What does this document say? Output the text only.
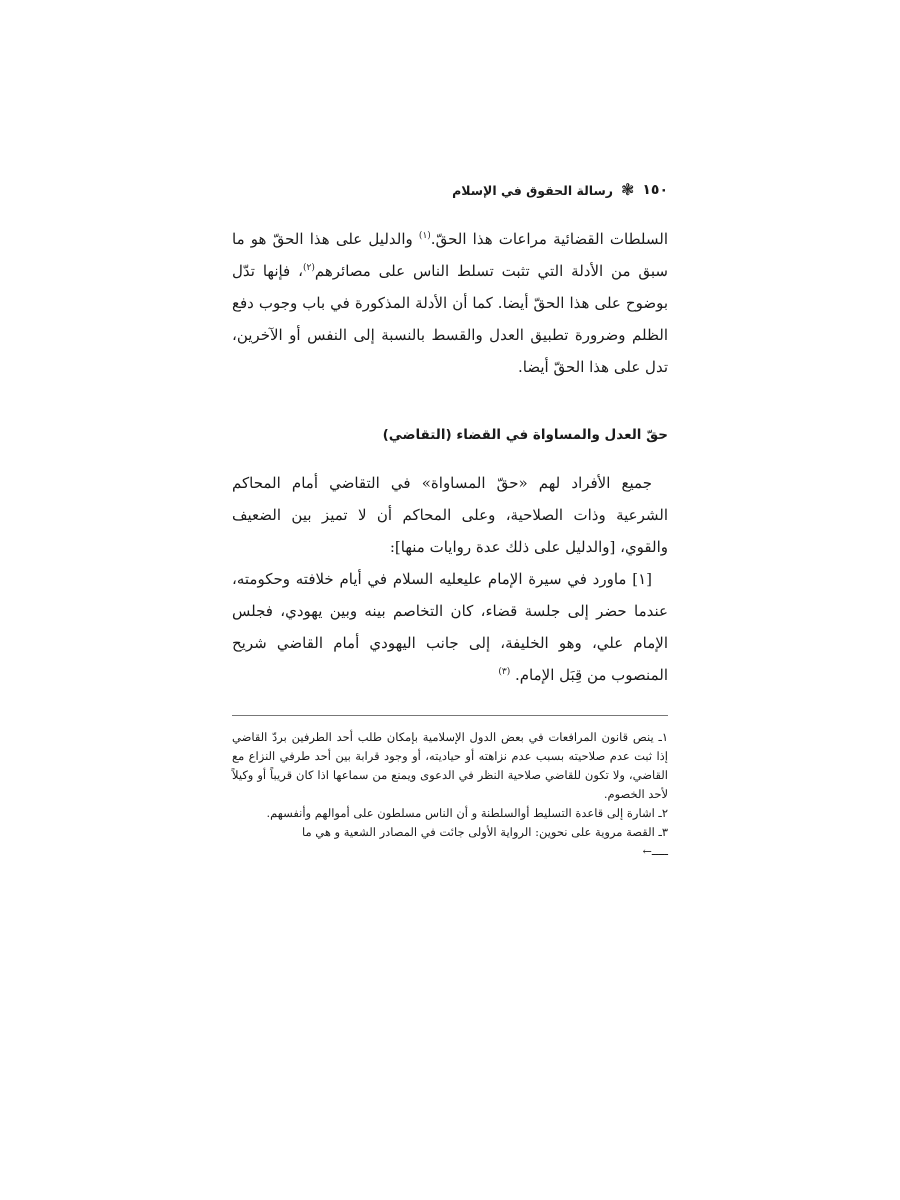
١٥٠
❃
رسالة الحقوق في الإسلام

السلطات القضائية مراعات هذا الحقّ.$^{(١)}$ والدليل على هذا الحقّ هو ما سبق من الأدلة التي تثبت تسلط الناس على مصائرهم$^{(٢)}$، فإنها تدّل بوضوح على هذا الحقّ أيضا. كما أن الأدلة المذكورة في باب وجوب دفع الظلم وضرورة تطبيق العدل والقسط بالنسبة إلى النفس أو الآخرين، تدل على هذا الحقّ أيضا.

حقّ العدل والمساواة في القضاء (التقاضي)

جميع الأفراد لهم «حقّ المساواة» في التقاضي أمام المحاكم الشرعية وذات الصلاحية، وعلى المحاكم أن لا تميز بين الضعيف والقوي، [والدليل على ذلك عدة روايات منها]:

[١] ماورد في سيرة الإمام عليعليه السلام في أيام خلافته وحكومته، عندما حضر إلى جلسة قضاء، كان التخاصم بينه وبين يهودي، فجلس الإمام علي، وهو الخليفة، إلى جانب اليهودي أمام القاضي شريح المنصوب من قِبَل الإمام. $^{(٣)}$

١ـ ينص قانون المرافعات في بعض الدول الإسلامية بإمكان طلب أحد الطرفين بردّ القاضي إذا ثبت عدم صلاحيته بسبب عدم نزاهته أو حياديته، أو وجود قرابة بين أحد طرفي النزاع مع القاضي، ولا تكون للقاضي صلاحية النظر في الدعوى ويمنع من سماعها اذا كان قريباً أو وكيلاً لأحد الخصوم.

٢ـ اشارة إلى قاعدة التسليط أوالسلطنة و أن الناس مسلطون على أموالهم وأنفسهم.

٣ـ القصة مروية على نحوين: الرواية الأولى جائت في المصادر الشعية و هي ما

ـــــ←
